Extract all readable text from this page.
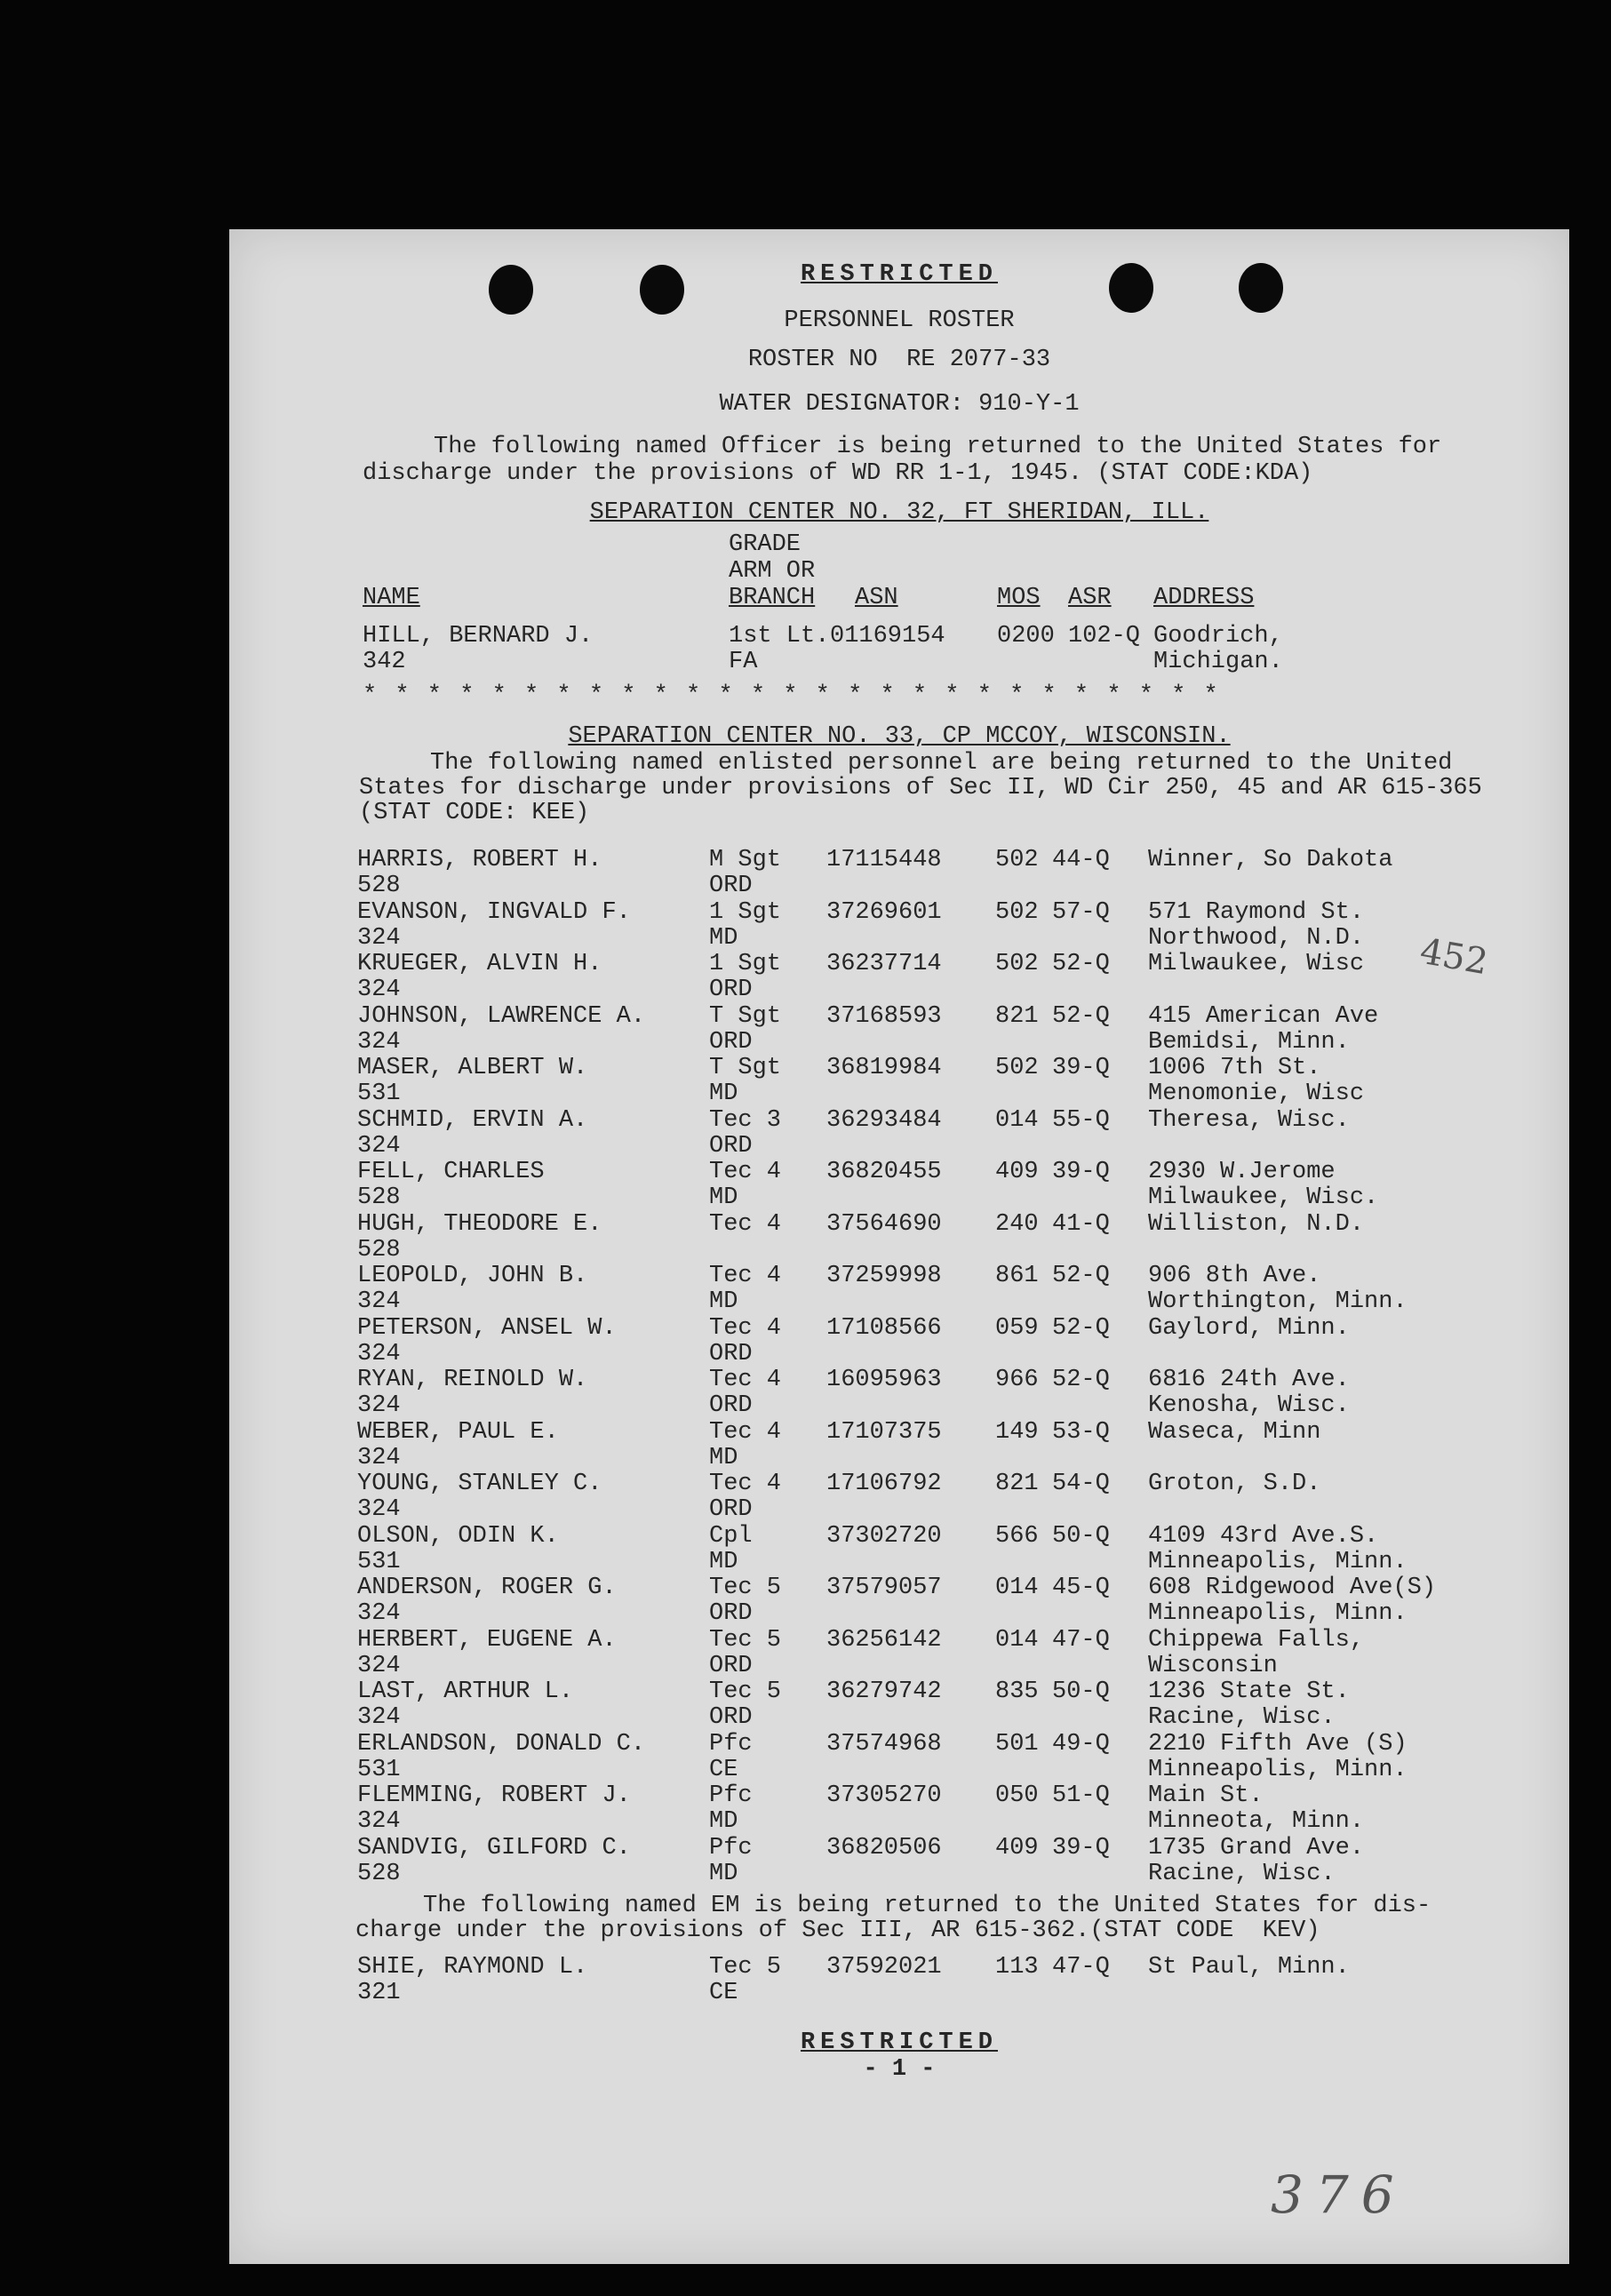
RESTRICTED
PERSONNEL ROSTER
ROSTER NO  RE 2077-33
WATER DESIGNATOR: 910-Y-1
The following named Officer is being returned to the United States for
discharge under the provisions of WD RR 1-1, 1945. (STAT CODE:KDA)
SEPARATION CENTER NO. 32, FT SHERIDAN, ILL.
GRADE
ARM OR
BRANCH
NAME	ASN	MOS ASR ADDRESS
HILL, BERNARD J.
342
1st Lt.
FA
01169154 0200 102-Q Goodrich,
Michigan.
* * * * * * * * * * * * * * * * * * * * * * * * * * *
SEPARATION CENTER NO. 33, CP MCCOY, WISCONSIN.
The following named enlisted personnel are being returned to the United
States for discharge under provisions of Sec II, WD Cir 250, 45 and AR 615-365
(STAT CODE: KEE)
HARRIS, ROBERT H.
528
M Sgt
ORD
17115448 502 44-Q Winner, So Dakota
EVANSON, INGVALD F.
324
1 Sgt
MD
37269601 502 57-Q 571 Raymond St.
Northwood, N.D.
KRUEGER, ALVIN H.
324
1 Sgt
ORD
36237714 502 52-Q Milwaukee, Wisc
JOHNSON, LAWRENCE A.
324
T Sgt
ORD
37168593 821 52-Q 415 American Ave
Bemidsi, Minn.
MASER, ALBERT W.
531
T Sgt
MD
36819984 502 39-Q 1006 7th St.
Menomonie, Wisc
SCHMID, ERVIN A.
324
Tec 3
ORD
36293484 014 55-Q Theresa, Wisc.
FELL, CHARLES
528
Tec 4
MD
36820455 409 39-Q 2930 W.Jerome
Milwaukee, Wisc.
HUGH, THEODORE E.
528
Tec 4 37564690 240 41-Q Williston, N.D.
LEOPOLD, JOHN B.
324
Tec 4
MD
37259998 861 52-Q 906 8th Ave.
Worthington, Minn.
PETERSON, ANSEL W.
324
Tec 4
ORD
17108566 059 52-Q Gaylord, Minn.
RYAN, REINOLD W.
324
Tec 4
ORD
16095963 966 52-Q 6816 24th Ave.
Kenosha, Wisc.
WEBER, PAUL E.
324
Tec 4
MD
17107375 149 53-Q Waseca, Minn
YOUNG, STANLEY C.
324
Tec 4
ORD
17106792 821 54-Q Groton, S.D.
OLSON, ODIN K.
531
Cpl
MD
37302720 566 50-Q 4109 43rd Ave.S.
Minneapolis, Minn.
ANDERSON, ROGER G.
324
Tec 5
ORD
37579057 014 45-Q 608 Ridgewood Ave(S)
Minneapolis, Minn.
HERBERT, EUGENE A.
324
Tec 5
ORD
36256142 014 47-Q Chippewa Falls,
Wisconsin
LAST, ARTHUR L.
324
Tec 5
ORD
36279742 835 50-Q 1236 State St.
Racine, Wisc.
ERLANDSON, DONALD C.
531
Pfc
CE
37574968 501 49-Q 2210 Fifth Ave (S)
Minneapolis, Minn.
FLEMMING, ROBERT J.
324
Pfc
MD
37305270 050 51-Q Main St.
Minneota, Minn.
SANDVIG, GILFORD C.
528
Pfc
MD
36820506 409 39-Q 1735 Grand Ave.
Racine, Wisc.
The following named EM is being returned to the United States for dis-
charge under the provisions of Sec III, AR 615-362.(STAT CODE  KEV)
SHIE, RAYMOND L.
321
Tec 5
CE
37592021 113 47-Q St Paul, Minn.
RESTRICTED
- 1 -
452
376
